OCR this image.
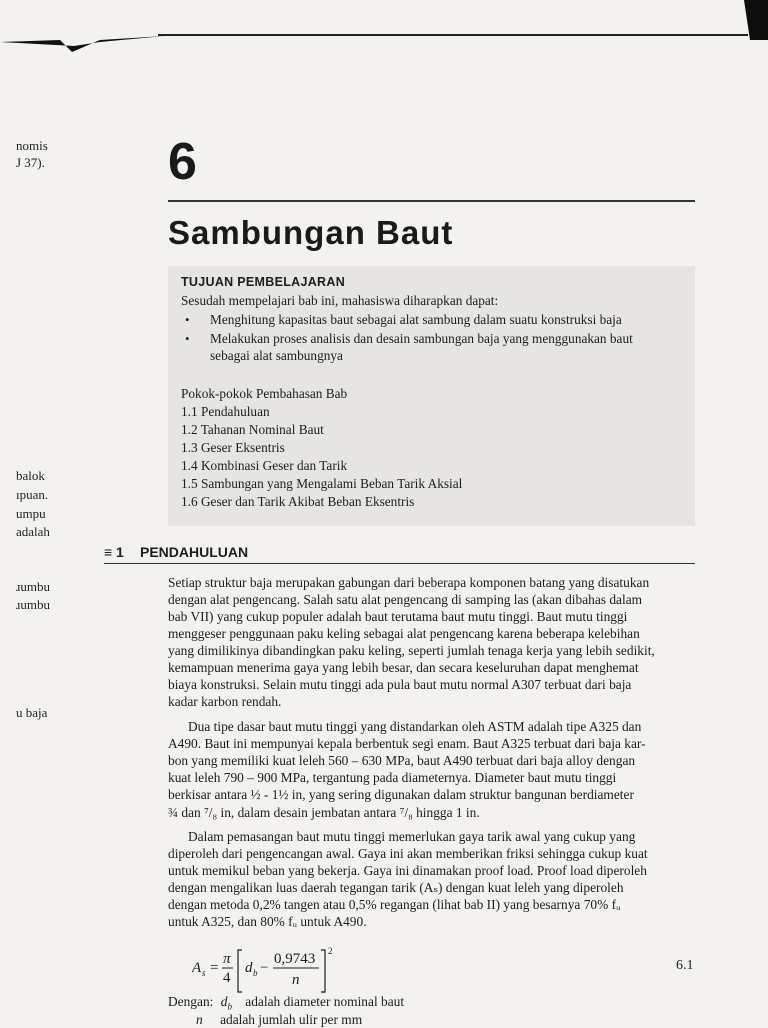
nomis
J 37).
balok
ıpuan.
umpu
adalah
ɹumbu
ɹumbu
u baja
6
Sambungan Baut
TUJUAN PEMBELAJARAN
Sesudah mempelajari bab ini, mahasiswa diharapkan dapat:
• Menghitung kapasitas baut sebagai alat sambung dalam suatu konstruksi baja
• Melakukan proses analisis dan desain sambungan baja yang menggunakan baut
sebagai alat sambungnya
Pokok-pokok Pembahasan Bab
1.1 Pendahuluan
1.2 Tahanan Nominal Baut
1.3 Geser Eksentris
1.4 Kombinasi Geser dan Tarik
1.5 Sambungan yang Mengalami Beban Tarik Aksial
1.6 Geser dan Tarik Akibat Beban Eksentris
≡ 1 PENDAHULUAN
Setiap struktur baja merupakan gabungan dari beberapa komponen batang yang disatukan
dengan alat pengencang. Salah satu alat pengencang di samping las (akan dibahas dalam
bab VII) yang cukup populer adalah baut terutama baut mutu tinggi. Baut mutu tinggi
menggeser penggunaan paku keling sebagai alat pengencang karena beberapa kelebihan
yang dimilikinya dibandingkan paku keling, seperti jumlah tenaga kerja yang lebih sedikit,
kemampuan menerima gaya yang lebih besar, dan secara keseluruhan dapat menghemat
biaya konstruksi. Selain mutu tinggi ada pula baut mutu normal A307 terbuat dari baja
kadar karbon rendah.
Dua tipe dasar baut mutu tinggi yang distandarkan oleh ASTM adalah tipe A325 dan
A490. Baut ini mempunyai kepala berbentuk segi enam. Baut A325 terbuat dari baja kar-
bon yang memiliki kuat leleh 560 – 630 MPa, baut A490 terbuat dari baja alloy dengan
kuat leleh 790 – 900 MPa, tergantung pada diameternya. Diameter baut mutu tinggi
berkisar antara ½ - 1½ in, yang sering digunakan dalam struktur bangunan berdiameter
¾ dan ⁷/₈ in, dalam desain jembatan antara ⁷/₈ hingga 1 in.
Dalam pemasangan baut mutu tinggi memerlukan gaya tarik awal yang cukup yang
diperoleh dari pengencangan awal. Gaya ini akan memberikan friksi sehingga cukup kuat
untuk memikul beban yang bekerja. Gaya ini dinamakan proof load. Proof load diperoleh
dengan mengalikan luas daerah tegangan tarik (Aₛ) dengan kuat leleh yang diperoleh
dengan metoda 0,2% tangen atau 0,5% regangan (lihat bab II) yang besarnya 70% fᵤ
untuk A325, dan 80% fᵤ untuk A490.
A s =
π
4
d b −
0,9743
n
2
6.1
Dengan: $d_b$ adalah diameter nominal baut
n adalah jumlah ulir per mm
